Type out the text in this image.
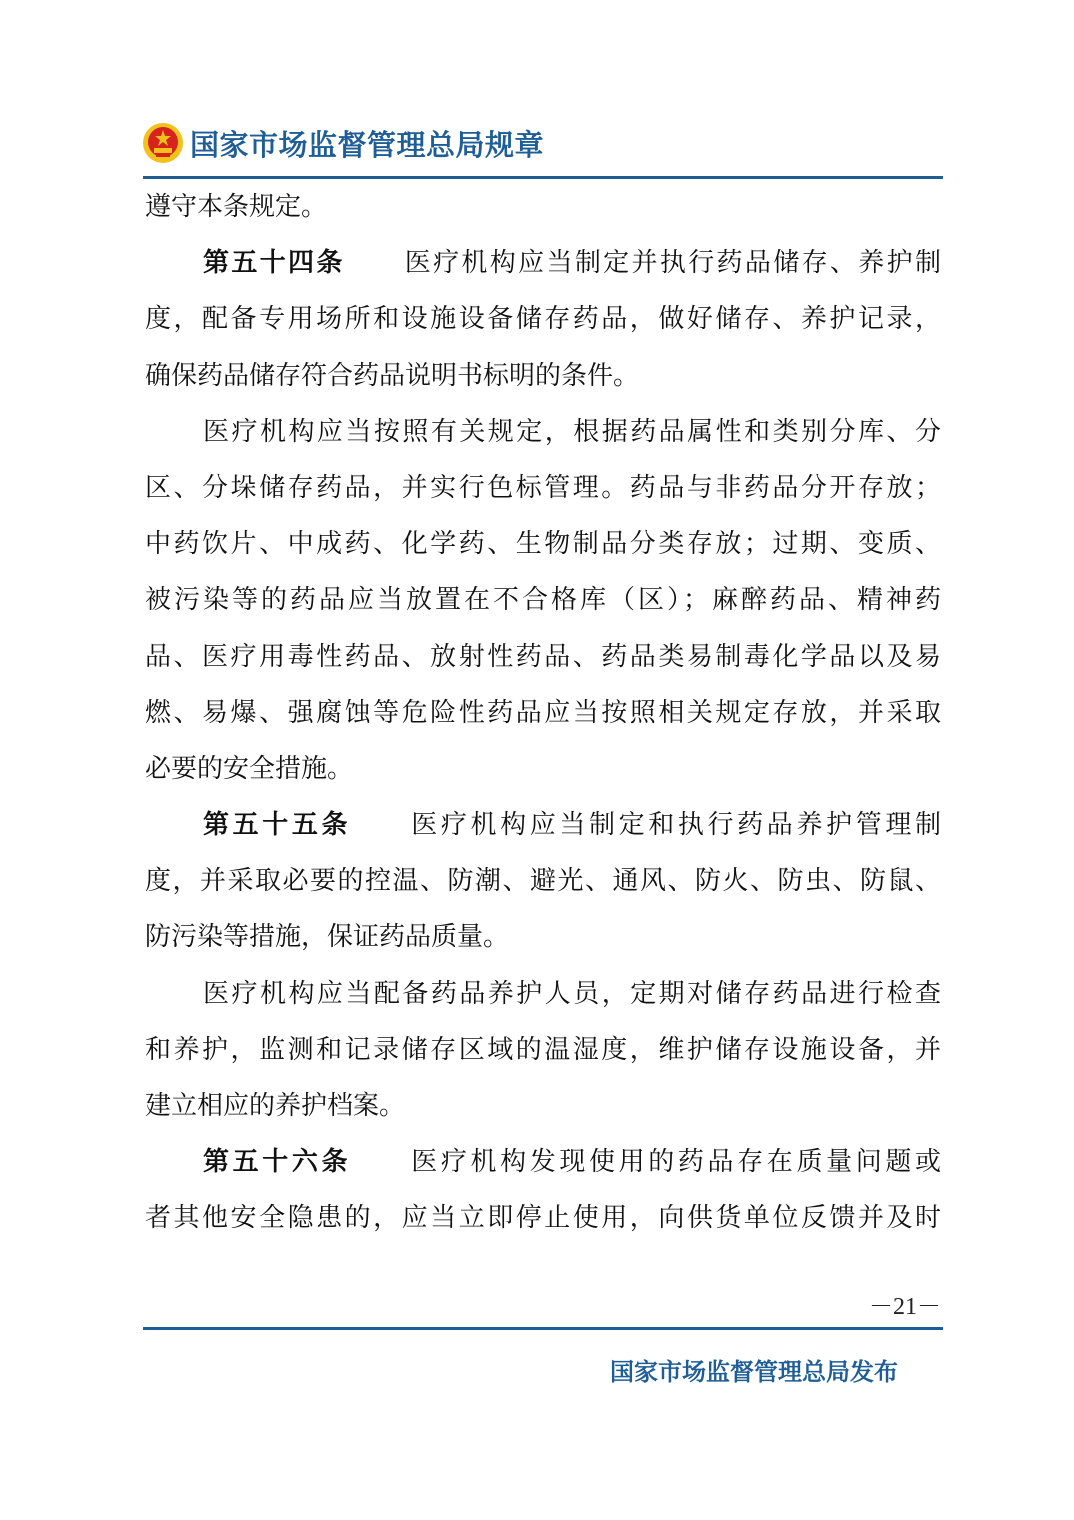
国家市场监督管理总局规章
遵守本条规定。
第五十四条 医疗机构应当制定并执行药品储存、养护制
度，配备专用场所和设施设备储存药品，做好储存、养护记录，
确保药品储存符合药品说明书标明的条件。
医疗机构应当按照有关规定，根据药品属性和类别分库、分
区、分垛储存药品，并实行色标管理。药品与非药品分开存放；
中药饮片、中成药、化学药、生物制品分类存放；过期、变质、
被污染等的药品应当放置在不合格库（区）；麻醉药品、精神药
品、医疗用毒性药品、放射性药品、药品类易制毒化学品以及易
燃、易爆、强腐蚀等危险性药品应当按照相关规定存放，并采取
必要的安全措施。
第五十五条 医疗机构应当制定和执行药品养护管理制
度，并采取必要的控温、防潮、避光、通风、防火、防虫、防鼠、
防污染等措施，保证药品质量。
医疗机构应当配备药品养护人员，定期对储存药品进行检查
和养护，监测和记录储存区域的温湿度，维护储存设施设备，并
建立相应的养护档案。
第五十六条 医疗机构发现使用的药品存在质量问题或
者其他安全隐患的，应当立即停止使用，向供货单位反馈并及时
－21－
国家市场监督管理总局发布
